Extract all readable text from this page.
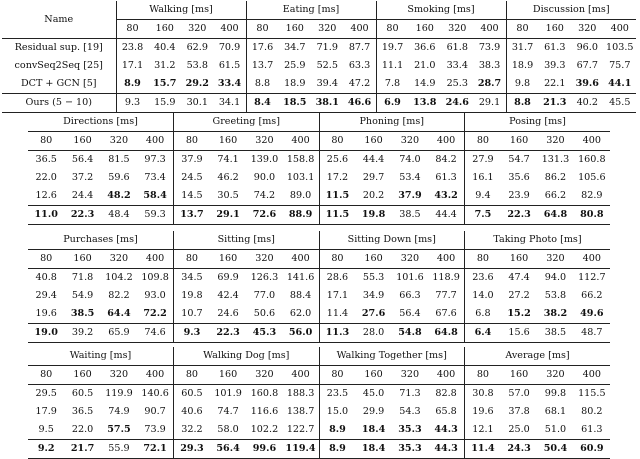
Name	Walking [ms]				Eating [ms]				Smoking [ms]				Discussion [ms]			
	80	160	320	400	80	160	320	400	80	160	320	400	80	160	320	400
Residual sup. [19]	23.8	40.4	62.9	70.9	17.6	34.7	71.9	87.7	19.7	36.6	61.8	73.9	31.7	61.3	96.0	103.5
convSeq2Seq [25]	17.1	31.2	53.8	61.5	13.7	25.9	52.5	63.3	11.1	21.0	33.4	38.3	18.9	39.3	67.7	75.7
DCT + GCN [5]	8.9	15.7	29.2	33.4	8.8	18.9	39.4	47.2	7.8	14.9	25.3	28.7	9.8	22.1	39.6	44.1
Ours (5 − 10)	9.3	15.9	30.1	34.1	8.4	18.5	38.1	46.6	6.9	13.8	24.6	29.1	8.8	21.3	40.2	45.5
Directions [ms]				Greeting [ms]				Phoning [ms]				Posing [ms]			
80	160	320	400	80	160	320	400	80	160	320	400	80	160	320	400
36.5	56.4	81.5	97.3	37.9	74.1	139.0	158.8	25.6	44.4	74.0	84.2	27.9	54.7	131.3	160.8
22.0	37.2	59.6	73.4	24.5	46.2	90.0	103.1	17.2	29.7	53.4	61.3	16.1	35.6	86.2	105.6
12.6	24.4	48.2	58.4	14.5	30.5	74.2	89.0	11.5	20.2	37.9	43.2	9.4	23.9	66.2	82.9
11.0	22.3	48.4	59.3	13.7	29.1	72.6	88.9	11.5	19.8	38.5	44.4	7.5	22.3	64.8	80.8
Purchases [ms]				Sitting [ms]				Sitting Down [ms]				Taking Photo [ms]			
80	160	320	400	80	160	320	400	80	160	320	400	80	160	320	400
40.8	71.8	104.2	109.8	34.5	69.9	126.3	141.6	28.6	55.3	101.6	118.9	23.6	47.4	94.0	112.7
29.4	54.9	82.2	93.0	19.8	42.4	77.0	88.4	17.1	34.9	66.3	77.7	14.0	27.2	53.8	66.2
19.6	38.5	64.4	72.2	10.7	24.6	50.6	62.0	11.4	27.6	56.4	67.6	6.8	15.2	38.2	49.6
19.0	39.2	65.9	74.6	9.3	22.3	45.3	56.0	11.3	28.0	54.8	64.8	6.4	15.6	38.5	48.7
Waiting [ms]				Walking Dog [ms]				Walking Together [ms]				Average [ms]			
80	160	320	400	80	160	320	400	80	160	320	400	80	160	320	400
29.5	60.5	119.9	140.6	60.5	101.9	160.8	188.3	23.5	45.0	71.3	82.8	30.8	57.0	99.8	115.5
17.9	36.5	74.9	90.7	40.6	74.7	116.6	138.7	15.0	29.9	54.3	65.8	19.6	37.8	68.1	80.2
9.5	22.0	57.5	73.9	32.2	58.0	102.2	122.7	8.9	18.4	35.3	44.3	12.1	25.0	51.0	61.3
9.2	21.7	55.9	72.1	29.3	56.4	99.6	119.4	8.9	18.4	35.3	44.3	11.4	24.3	50.4	60.9
